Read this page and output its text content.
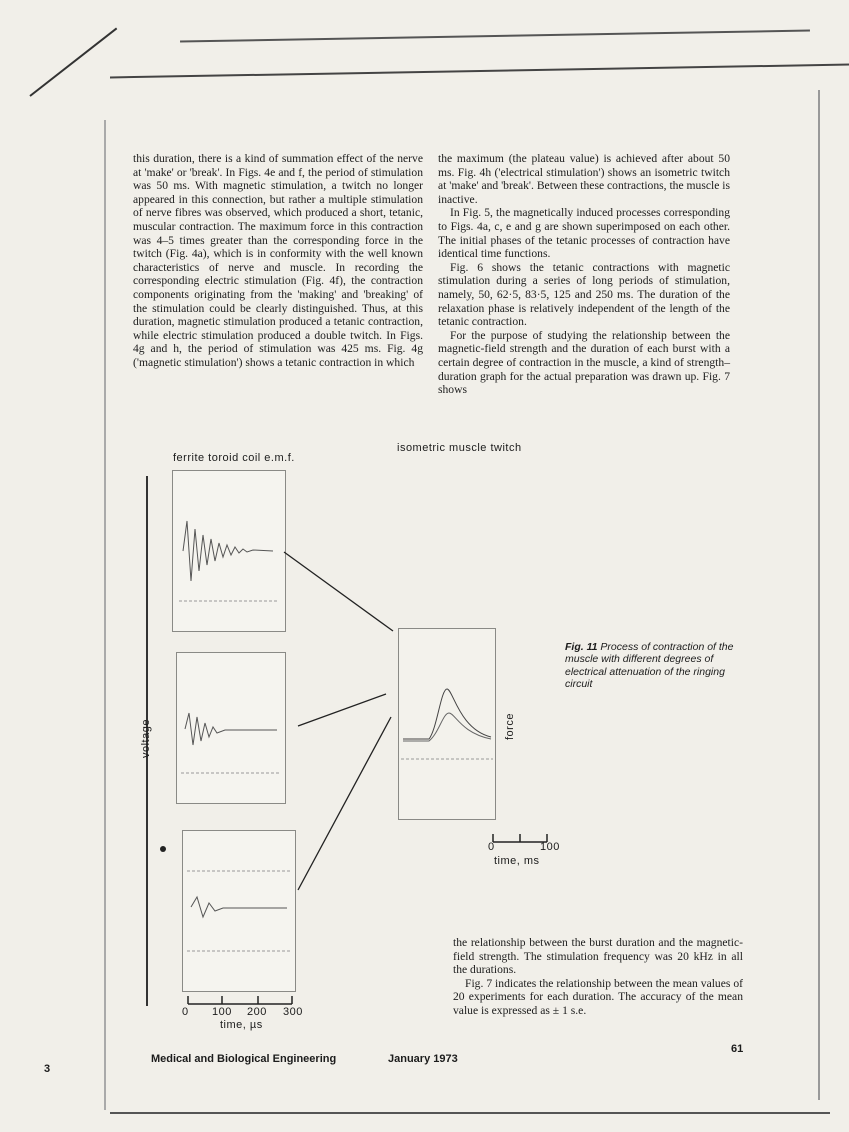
this duration, there is a kind of summation effect of the nerve at 'make' or 'break'. In Figs. 4e and f, the period of stimulation was 50 ms. With magnetic stimulation, a twitch no longer appeared in this connection, but rather a multiple stimulation of nerve fibres was observed, which produced a short, tetanic, muscular contraction. The maximum force in this contraction was 4–5 times greater than the corresponding force in the twitch (Fig. 4a), which is in conformity with the well known characteristics of nerve and muscle. In recording the corresponding electric stimulation (Fig. 4f), the contraction components originating from the 'making' and 'breaking' of the stimulation could be clearly distinguished. Thus, at this duration, magnetic stimulation produced a tetanic contraction, while electric stimulation produced a double twitch. In Figs. 4g and h, the period of stimulation was 425 ms. Fig. 4g ('magnetic stimulation') shows a tetanic contraction in which

the maximum (the plateau value) is achieved after about 50 ms. Fig. 4h ('electrical stimulation') shows an isometric twitch at 'make' and 'break'. Between these contractions, the muscle is inactive.

In Fig. 5, the magnetically induced processes corresponding to Figs. 4a, c, e and g are shown superimposed on each other. The initial phases of the tetanic processes of contraction have identical time functions.

Fig. 6 shows the tetanic contractions with magnetic stimulation during a series of long periods of stimulation, namely, 50, 62·5, 83·5, 125 and 250 ms. The duration of the relaxation phase is relatively independent of the length of the tetanic contraction.

For the purpose of studying the relationship between the magnetic-field strength and the duration of each burst with a certain degree of contraction in the muscle, a kind of strength–duration graph for the actual preparation was drawn up. Fig. 7 shows

ferrite toroid coil e.m.f.
isometric muscle twitch
voltage
0 100 200 300
time, µs
force
0	100
time, ms
Fig. 11 Process of contraction of the muscle with different degrees of electrical attenuation of the ringing circuit

the relationship between the burst duration and the magnetic-field strength. The stimulation frequency was 20 kHz in all the durations.

Fig. 7 indicates the relationship between the mean values of 20 experiments for each duration. The accuracy of the mean value is expressed as ± 1 s.e.

Medical and Biological Engineering	January 1973
61
3
